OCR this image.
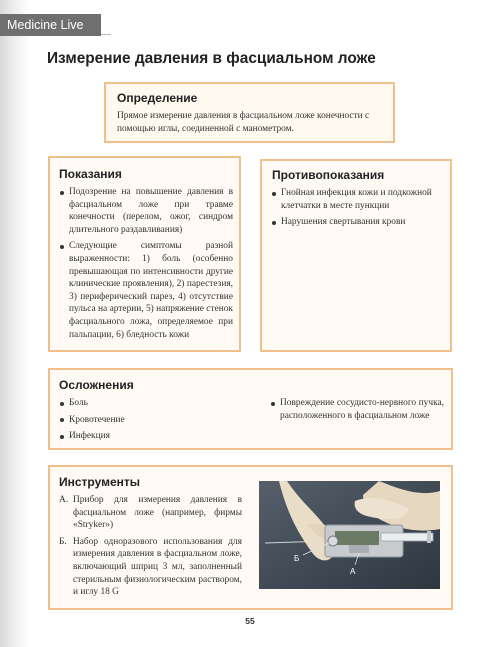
Medicine Live
Измерение давления в фасциальном ложе
Определение
Прямое измерение давления в фасциальном ложе конечности с помощью иглы, соединенной с манометром.
Показания
Подозрение на повышение давления в фасциальном ложе при травме конечности (перелом, ожог, синдром длительного раздавливания)
Следующие симптомы разной выраженности: 1) боль (особенно превышающая по интенсивности другие клинические проявления), 2) парестезия, 3) периферический парез, 4) отсутствие пульса на артерии, 5) напряжение стенок фасциального ложа, определяемое при пальпации, 6) бледность кожи
Противопоказания
Гнойная инфекция кожи и подкожной клетчатки в месте пункции
Нарушения свертывания крови
Осложнения
Боль
Кровотечение
Инфекция
Повреждение сосудисто-нервного пучка, расположенного в фасциальном ложе
Инструменты
А. Прибор для измерения давления в фасциальном ложе (например, фирмы «Stryker»)
Б. Набор одноразового использования для измерения давления в фасциальном ложе, включающий шприц 3 мл, заполненный стерильным физиологическим раствором, и иглу 18 G
Б
А
55
